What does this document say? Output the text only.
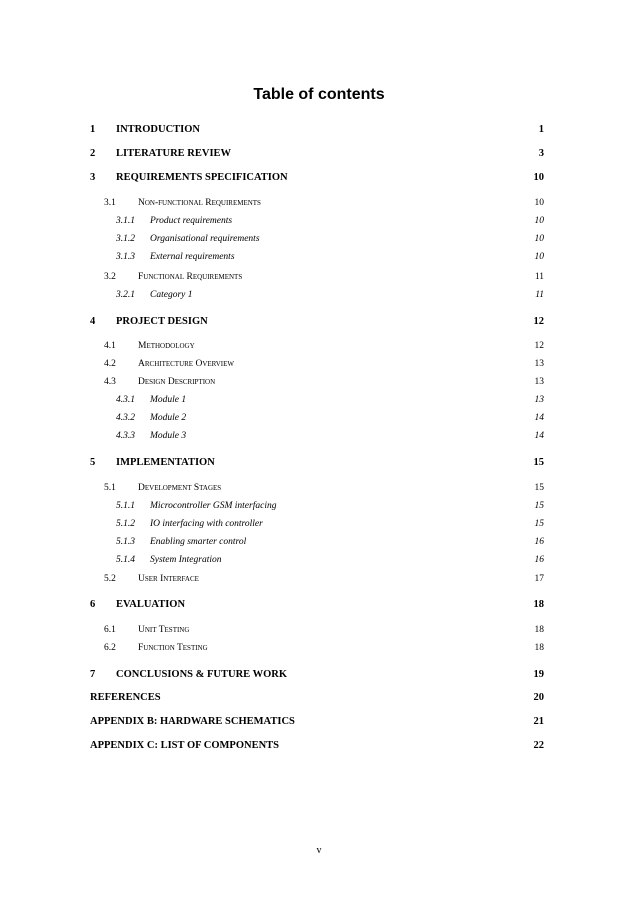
Table of contents
. . .
1 INTRODUCTION	1
. . .
2 LITERATURE REVIEW	3
. . .
3 REQUIREMENTS SPECIFICATION	10
. . .
3.1 Non-functional Requirements	10
. . .
3.1.1 Product requirements	10
. . .
3.1.2 Organisational requirements	10
. . .
3.1.3 External requirements	10
. . .
3.2 Functional Requirements	11
. . .
3.2.1 Category 1	11
. . .
4 PROJECT DESIGN	12
. . .
4.1 Methodology	12
. . .
4.2 Architecture Overview	13
. . .
4.3 Design Description	13
. . .
4.3.1 Module 1	13
. . .
4.3.2 Module 2	14
. . .
4.3.3 Module 3	14
. . .
5 IMPLEMENTATION	15
. . .
5.1 Development Stages	15
. . .
5.1.1 Microcontroller GSM interfacing	15
. . .
5.1.2 IO interfacing with controller	15
. . .
5.1.3 Enabling smarter control	16
. . .
5.1.4 System Integration	16
. . .
5.2 User Interface	17
. . .
6 EVALUATION	18
. . .
6.1 Unit Testing	18
. . .
6.2 Function Testing	18
. . .
7 CONCLUSIONS & FUTURE WORK	19
. . .
REFERENCES	20
. . .
APPENDIX B: HARDWARE SCHEMATICS	21
. . .
APPENDIX C: LIST OF COMPONENTS	22
v
